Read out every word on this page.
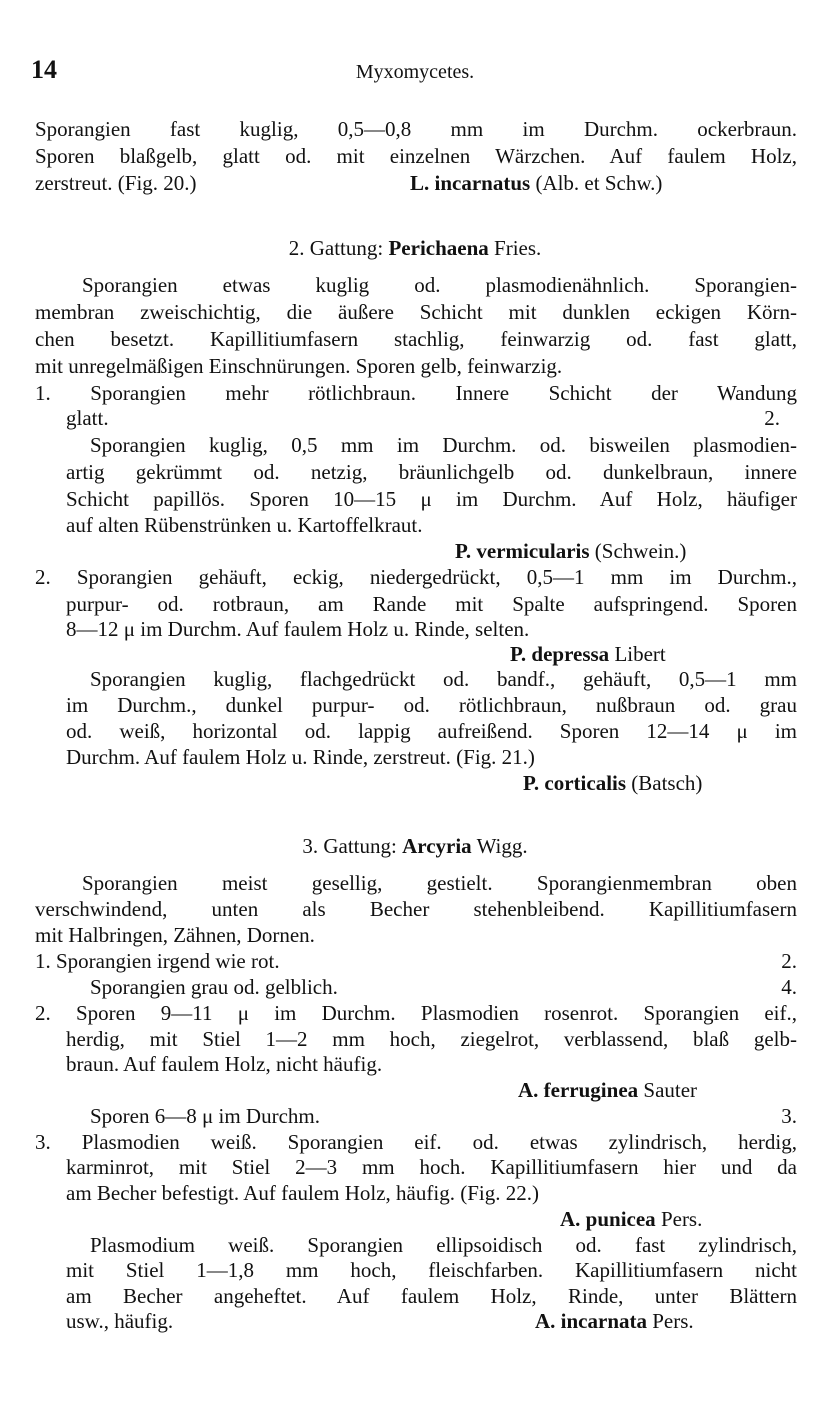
14	Myxomycetes.
Sporangien fast kuglig, 0,5—0,8 mm im Durchm. ockerbraun.
Sporen blaßgelb, glatt od. mit einzelnen Wärzchen. Auf faulem Holz,
zerstreut. (Fig. 20.)	L. incarnatus (Alb. et Schw.)
2. Gattung: Perichaena Fries.
Sporangien etwas kuglig od. plasmodienähnlich. Sporangien-
membran zweischichtig, die äußere Schicht mit dunklen eckigen Körn-
chen besetzt. Kapillitiumfasern stachlig, feinwarzig od. fast glatt,
mit unregelmäßigen Einschnürungen. Sporen gelb, feinwarzig.
1. Sporangien mehr rötlichbraun. Innere Schicht der Wandung
glatt.	2.
Sporangien kuglig, 0,5 mm im Durchm. od. bisweilen plasmodien-
artig gekrümmt od. netzig, bräunlichgelb od. dunkelbraun, innere
Schicht papillös. Sporen 10—15 μ im Durchm. Auf Holz, häufiger
auf alten Rübenstrünken u. Kartoffelkraut.
P. vermicularis (Schwein.)
2. Sporangien gehäuft, eckig, niedergedrückt, 0,5—1 mm im Durchm.,
purpur- od. rotbraun, am Rande mit Spalte aufspringend. Sporen
8—12 μ im Durchm. Auf faulem Holz u. Rinde, selten.
P. depressa Libert
Sporangien kuglig, flachgedrückt od. bandf., gehäuft, 0,5—1 mm
im Durchm., dunkel purpur- od. rötlichbraun, nußbraun od. grau
od. weiß, horizontal od. lappig aufreißend. Sporen 12—14 μ im
Durchm. Auf faulem Holz u. Rinde, zerstreut. (Fig. 21.)
P. corticalis (Batsch)
3. Gattung: Arcyria Wigg.
Sporangien meist gesellig, gestielt. Sporangienmembran oben
verschwindend, unten als Becher stehenbleibend. Kapillitiumfasern
mit Halbringen, Zähnen, Dornen.
1. Sporangien irgend wie rot.	2.
Sporangien grau od. gelblich.	4.
2. Sporen 9—11 μ im Durchm. Plasmodien rosenrot. Sporangien eif.,
herdig, mit Stiel 1—2 mm hoch, ziegelrot, verblassend, blaß gelb-
braun. Auf faulem Holz, nicht häufig.
A. ferruginea Sauter
Sporen 6—8 μ im Durchm.	3.
3. Plasmodien weiß. Sporangien eif. od. etwas zylindrisch, herdig,
karminrot, mit Stiel 2—3 mm hoch. Kapillitiumfasern hier und da
am Becher befestigt. Auf faulem Holz, häufig. (Fig. 22.)
A. punicea Pers.
Plasmodium weiß. Sporangien ellipsoidisch od. fast zylindrisch,
mit Stiel 1—1,8 mm hoch, fleischfarben. Kapillitiumfasern nicht
am Becher angeheftet. Auf faulem Holz, Rinde, unter Blättern
usw., häufig.	A. incarnata Pers.
